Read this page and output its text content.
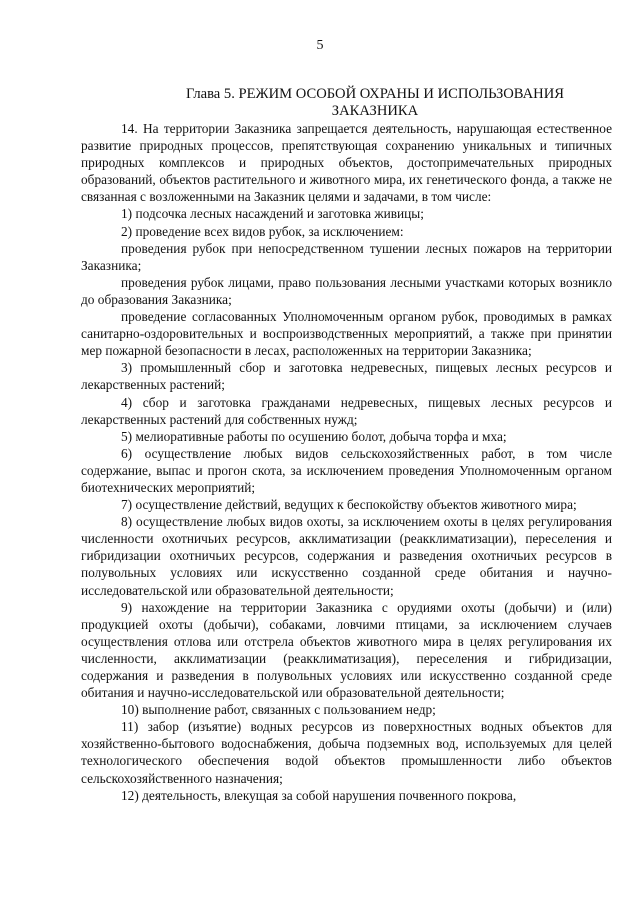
5
Глава 5. РЕЖИМ ОСОБОЙ ОХРАНЫ И ИСПОЛЬЗОВАНИЯ ЗАКАЗНИКА

14. На территории Заказника запрещается деятельность, нарушающая естественное развитие природных процессов, препятствующая сохранению уникальных и типичных природных комплексов и природных объектов, достопримечательных природных образований, объектов растительного и животного мира, их генетического фонда, а также не связанная с возложенными на Заказник целями и задачами, в том числе:

1) подсочка лесных насаждений и заготовка живицы;

2) проведение всех видов рубок, за исключением:

проведения рубок при непосредственном тушении лесных пожаров на территории Заказника;

проведения рубок лицами, право пользования лесными участками которых возникло до образования Заказника;

проведение согласованных Уполномоченным органом рубок, проводимых в рамках санитарно-оздоровительных и воспроизводственных мероприятий, а также при принятии мер пожарной безопасности в лесах, расположенных на территории Заказника;

3) промышленный сбор и заготовка недревесных, пищевых лесных ресурсов и лекарственных растений;

4) сбор и заготовка гражданами недревесных, пищевых лесных ресурсов и лекарственных растений для собственных нужд;

5) мелиоративные работы по осушению болот, добыча торфа и мха;

6) осуществление любых видов сельскохозяйственных работ, в том числе содержание, выпас и прогон скота, за исключением проведения Уполномоченным органом биотехнических мероприятий;

7) осуществление действий, ведущих к беспокойству объектов животного мира;

8) осуществление любых видов охоты, за исключением охоты в целях регулирования численности охотничьих ресурсов, акклиматизации (реакклиматизации), переселения и гибридизации охотничьих ресурсов, содержания и разведения охотничьих ресурсов в полувольных условиях или искусственно созданной среде обитания и научно-исследовательской или образовательной деятельности;

9) нахождение на территории Заказника с орудиями охоты (добычи) и (или) продукцией охоты (добычи), собаками, ловчими птицами, за исключением случаев осуществления отлова или отстрела объектов животного мира в целях регулирования их численности, акклиматизации (реакклиматизация), переселения и гибридизации, содержания и разведения в полувольных условиях или искусственно созданной среде обитания и научно-исследовательской или образовательной деятельности;

10) выполнение работ, связанных с пользованием недр;

11) забор (изъятие) водных ресурсов из поверхностных водных объектов для хозяйственно-бытового водоснабжения, добыча подземных вод, используемых для целей технологического обеспечения водой объектов промышленности либо объектов сельскохозяйственного назначения;

12) деятельность, влекущая за собой нарушения почвенного покрова,
